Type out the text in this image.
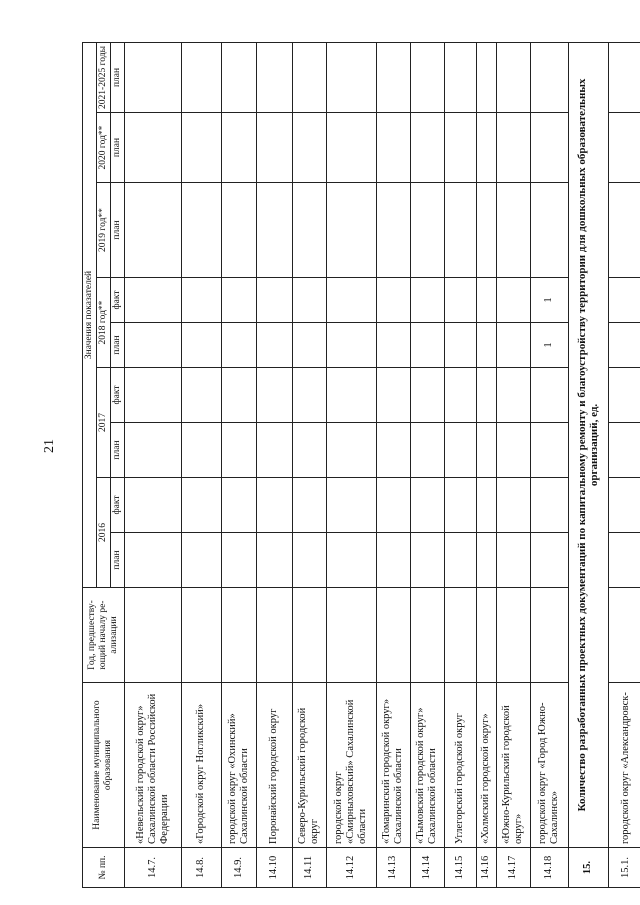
21
№ пп.	Наименование муниципального образования	Год, предшеству-ющий началу ре-ализации	Значения показателей								
			2016		2017		2018 год**		2019 год**	2020 год**	2021-2025 годы
			план	факт	план	факт	план	факт	план	план	план
14.7.	«Невельский городской округ» Сахалинской области Российской Федерации										
14.8.	«Городской округ Ногликский»										
14.9.	городской округ «Охинский» Сахалинской области										
14.10	Поронайский городской округ										
14.11	Северо-Курильский городской округ										
14.12	городской округ «Смирныховский» Сахалинской области										
14.13	«Томаринский городской округ» Сахалинской области										
14.14	«Тымовский городской округ» Сахалинской области										
14.15	Углегорский городской округ										
14.16	«Холмский городской округ»										
14.17	«Южно-Курильский городской округ»										
14.18	городской округ «Город Южно-Сахалинск»						1	1			
15.	Количество разработанных проектных документаций по капитальному ремонту и благоустройству территории для дошкольных образовательных организаций, ед.										
15.1.	городской округ «Александровск-										
